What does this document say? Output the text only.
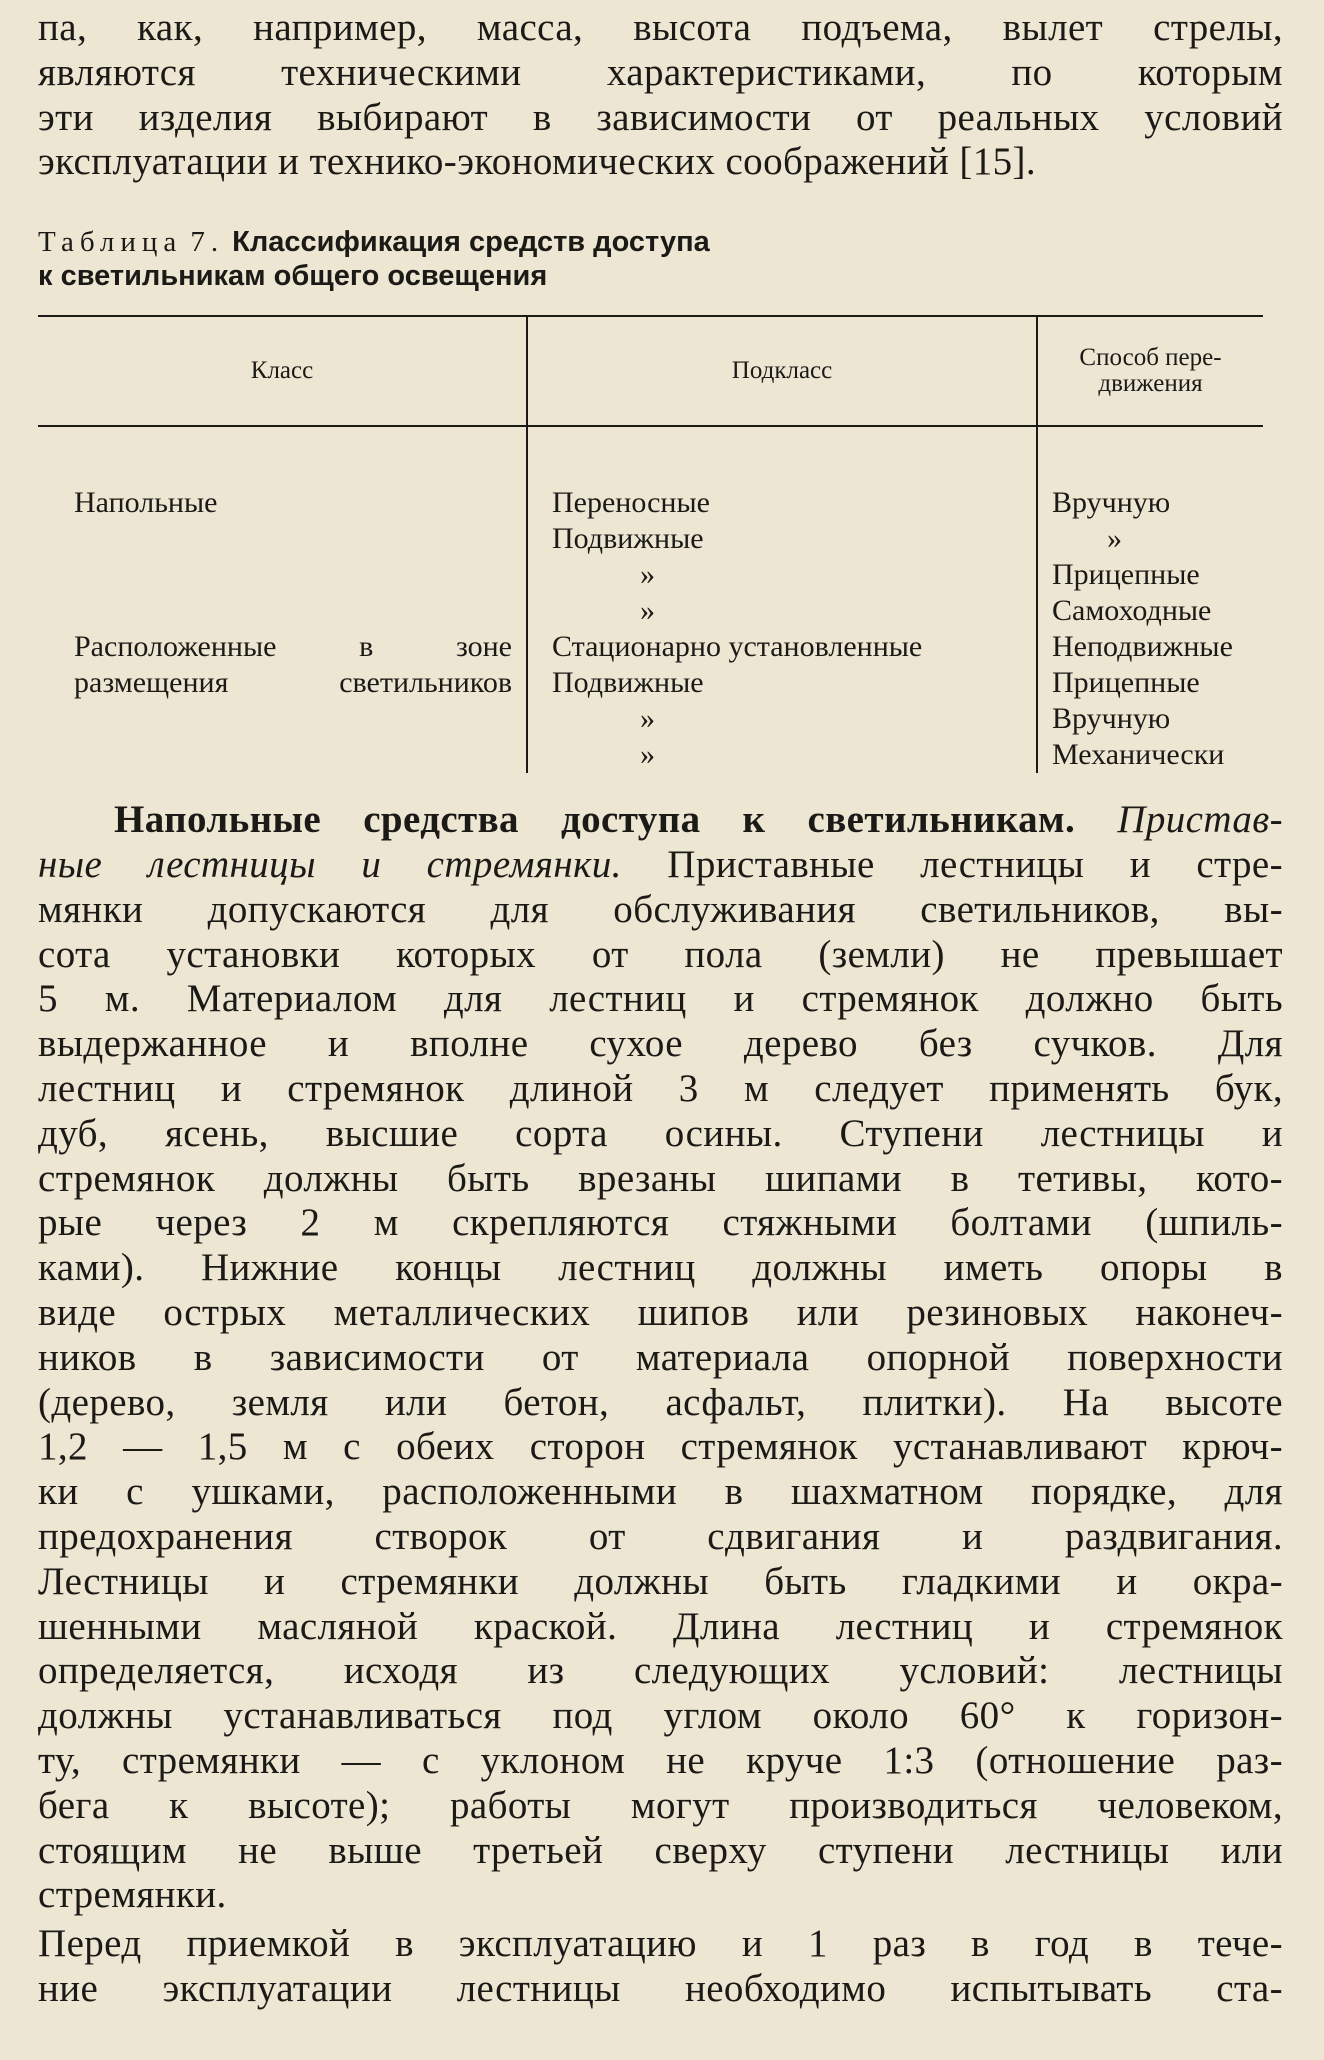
па, как, например, масса, высота подъема, вылет стрелы,
являются техническими характеристиками, по которым
эти изделия выбирают в зависимости от реальных условий
эксплуатации и технико-экономических соображений [15].
Таблица 7. Классификация средств доступа
к светильникам общего освещения
Класс	Подкласс	Способ пере-
движения

Напольные

Расположенные в зоне
размещения светильников

Переносные
Подвижные
»
»
Стационарно установленные
Подвижные
»
»

Вручную
»
Прицепные
Самоходные
Неподвижные
Прицепные
Вручную
Механически
Напольные средства доступа к светильникам. Пристав-
ные лестницы и стремянки. Приставные лестницы и стре-
мянки допускаются для обслуживания светильников, вы-
сота установки которых от пола (земли) не превышает
5 м. Материалом для лестниц и стремянок должно быть
выдержанное и вполне сухое дерево без сучков. Для
лестниц и стремянок длиной 3 м следует применять бук,
дуб, ясень, высшие сорта осины. Ступени лестницы и
стремянок должны быть врезаны шипами в тетивы, кото-
рые через 2 м скрепляются стяжными болтами (шпиль-
ками). Нижние концы лестниц должны иметь опоры в
виде острых металлических шипов или резиновых наконеч-
ников в зависимости от материала опорной поверхности
(дерево, земля или бетон, асфальт, плитки). На высоте
1,2 — 1,5 м с обеих сторон стремянок устанавливают крюч-
ки с ушками, расположенными в шахматном порядке, для
предохранения створок от сдвигания и раздвигания.
Лестницы и стремянки должны быть гладкими и окра-
шенными масляной краской. Длина лестниц и стремянок
определяется, исходя из следующих условий: лестницы
должны устанавливаться под углом около 60° к горизон-
ту, стремянки — с уклоном не круче 1:3 (отношение раз-
бега к высоте); работы могут производиться человеком,
стоящим не выше третьей сверху ступени лестницы или
стремянки.
Перед приемкой в эксплуатацию и 1 раз в год в тече-
ние эксплуатации лестницы необходимо испытывать ста-
